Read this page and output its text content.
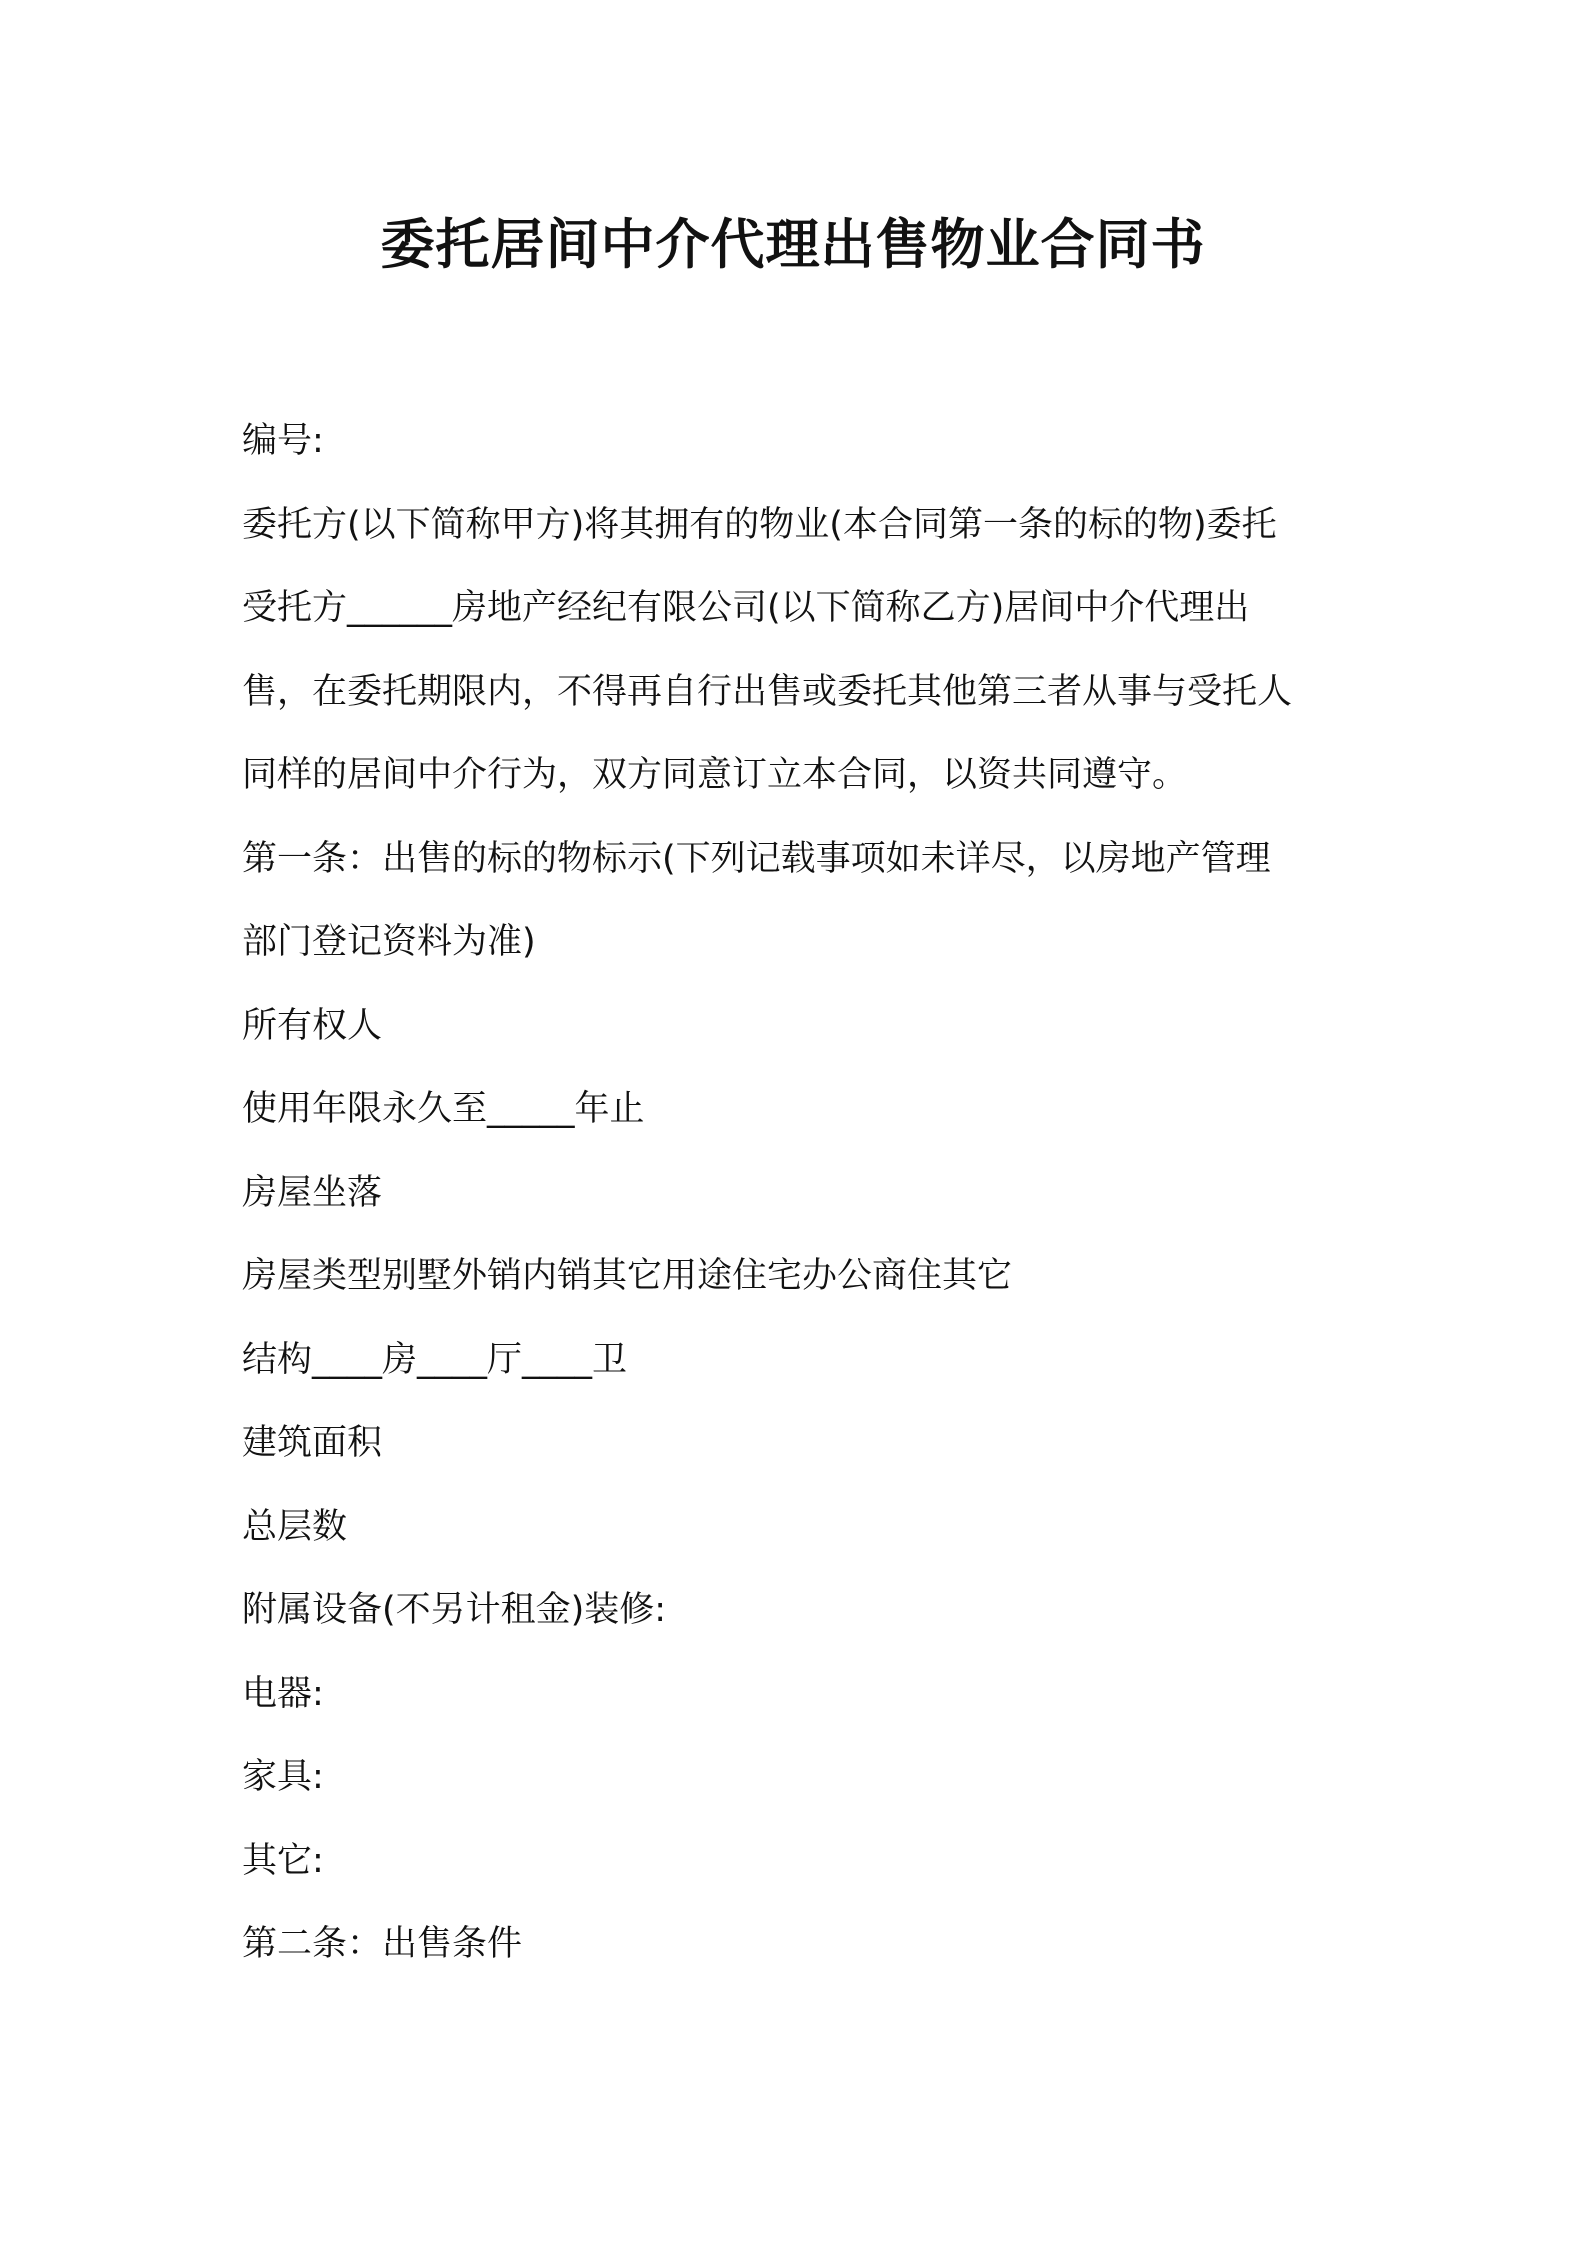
委托居间中介代理出售物业合同书
编号:
委托方(以下简称甲方)将其拥有的物业(本合同第一条的标的物)委托
受托方______房地产经纪有限公司(以下简称乙方)居间中介代理出
售，在委托期限内，不得再自行出售或委托其他第三者从事与受托人
同样的居间中介行为，双方同意订立本合同，以资共同遵守。
第一条：出售的标的物标示(下列记载事项如未详尽，以房地产管理
部门登记资料为准)
所有权人
使用年限永久至_____年止
房屋坐落
房屋类型别墅外销内销其它用途住宅办公商住其它
结构____房____厅____卫
建筑面积
总层数
附属设备(不另计租金)装修:
电器:
家具:
其它:
第二条：出售条件
